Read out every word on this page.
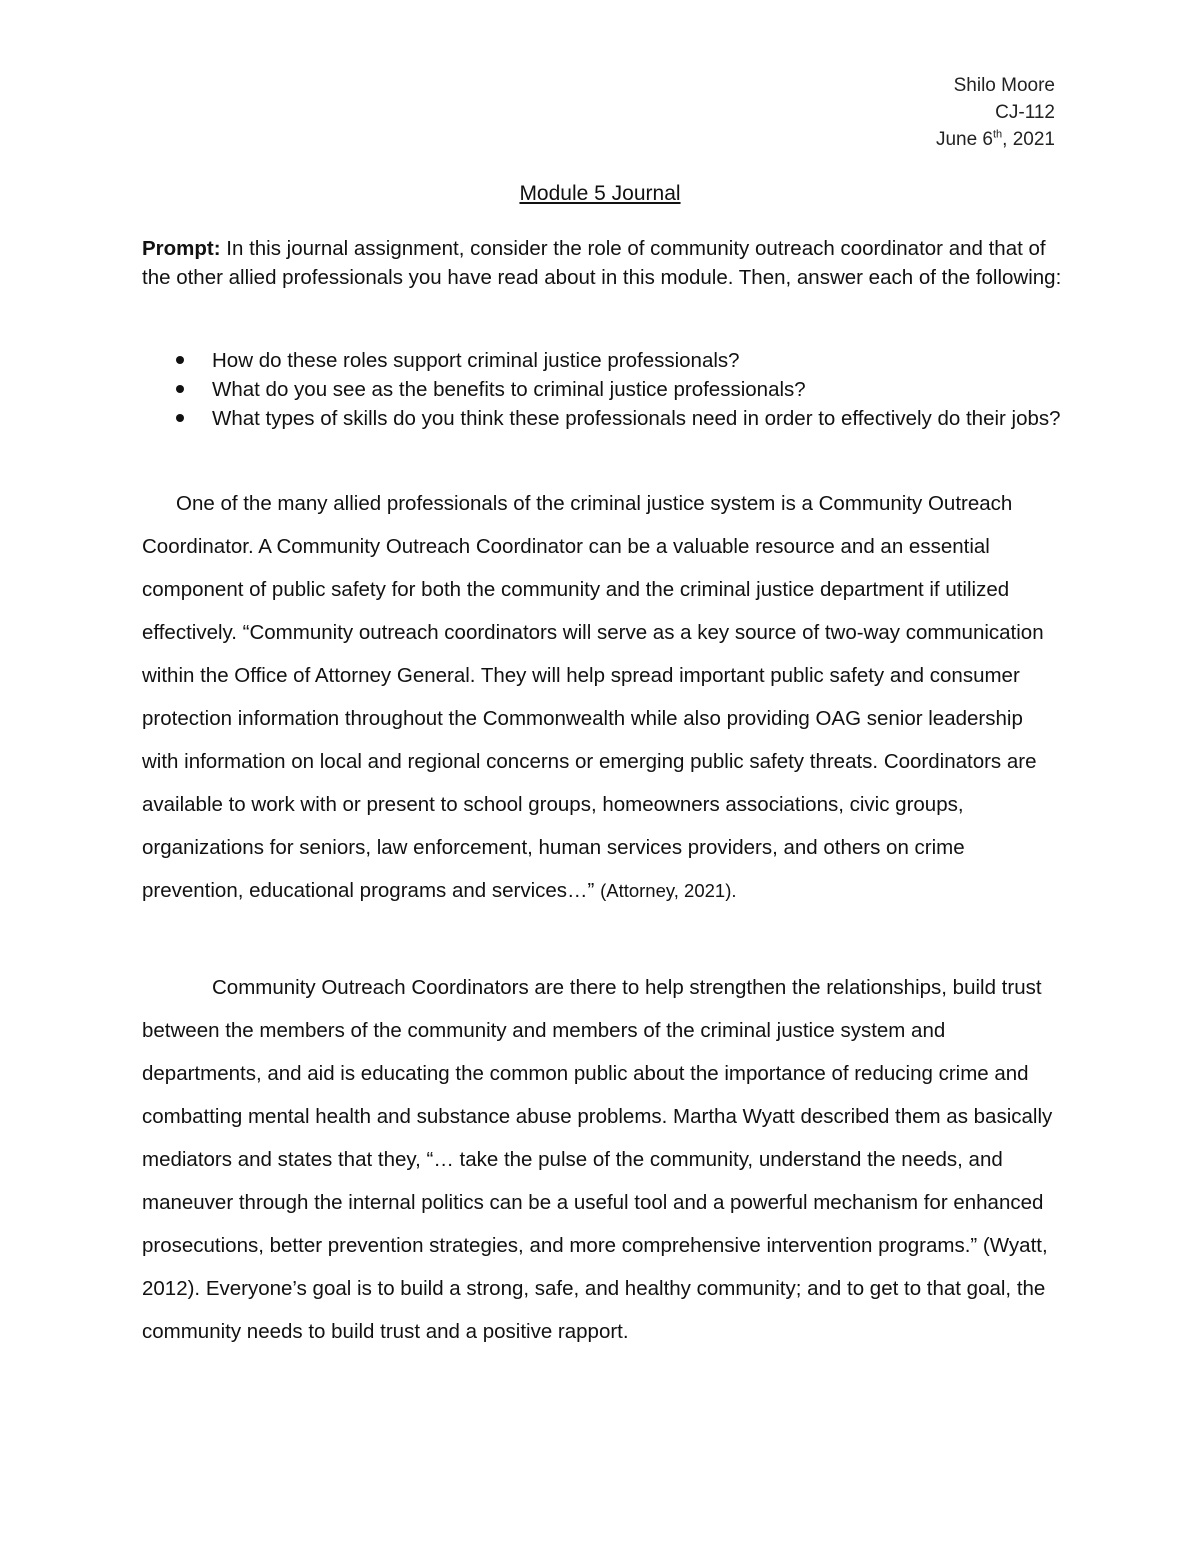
Shilo Moore
CJ-112
June 6th, 2021
Module 5 Journal
Prompt: In this journal assignment, consider the role of community outreach coordinator and that of the other allied professionals you have read about in this module. Then, answer each of the following:
How do these roles support criminal justice professionals?
What do you see as the benefits to criminal justice professionals?
What types of skills do you think these professionals need in order to effectively do their jobs?

One of the many allied professionals of the criminal justice system is a Community Outreach Coordinator. A Community Outreach Coordinator can be a valuable resource and an essential component of public safety for both the community and the criminal justice department if utilized effectively. “Community outreach coordinators will serve as a key source of two-way communication within the Office of Attorney General. They will help spread important public safety and consumer protection information throughout the Commonwealth while also providing OAG senior leadership with information on local and regional concerns or emerging public safety threats. Coordinators are available to work with or present to school groups, homeowners associations, civic groups, organizations for seniors, law enforcement, human services providers, and others on crime prevention, educational programs and services…” (Attorney, 2021).

Community Outreach Coordinators are there to help strengthen the relationships, build trust between the members of the community and members of the criminal justice system and departments, and aid is educating the common public about the importance of reducing crime and combatting mental health and substance abuse problems. Martha Wyatt described them as basically mediators and states that they, “… take the pulse of the community, understand the needs, and maneuver through the internal politics can be a useful tool and a powerful mechanism for enhanced prosecutions, better prevention strategies, and more comprehensive intervention programs.” (Wyatt, 2012). Everyone’s goal is to build a strong, safe, and healthy community; and to get to that goal, the community needs to build trust and a positive rapport.
